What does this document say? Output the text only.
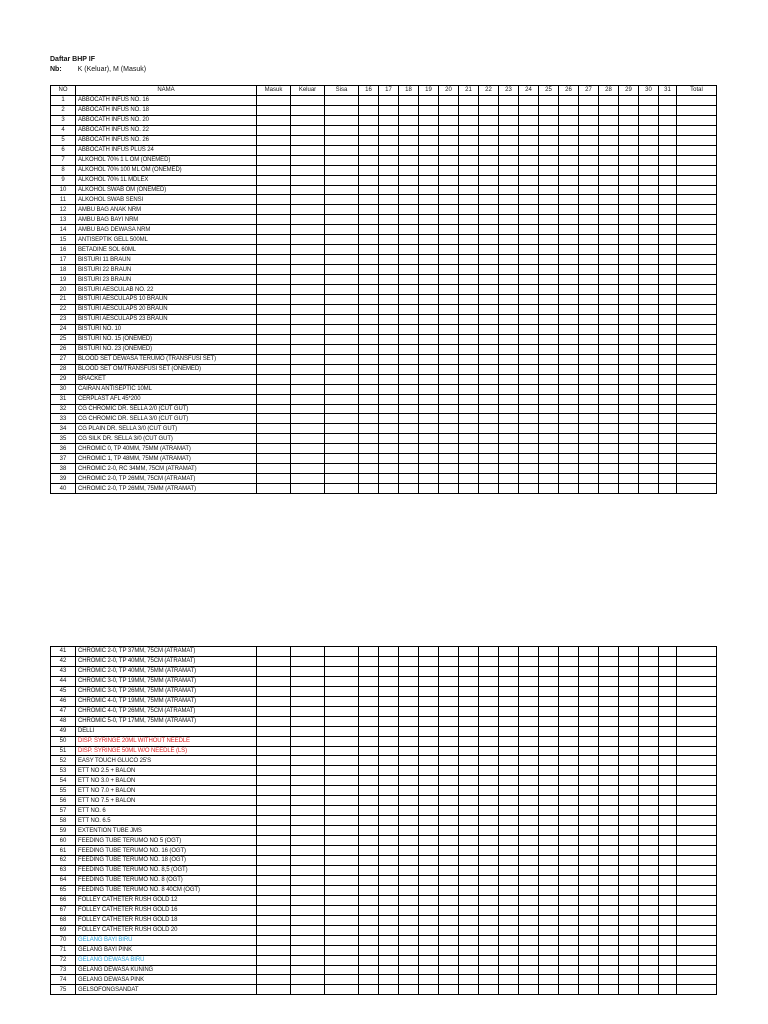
Daftar BHP IF
Nb: K (Keluar), M (Masuk)
NO	NAMA	Masuk	Keluar	Sisa	16	17	18	19	20	21	22	23	24	25	26	27	28	29	30	31	Total
1	ABBOCATH INFUS NO. 16																				
2	ABBOCATH INFUS NO. 18																				
3	ABBOCATH INFUS NO. 20																				
4	ABBOCATH INFUS NO. 22																				
5	ABBOCATH INFUS NO. 26																				
6	ABBOCATH INFUS PLUS 24																				
7	ALKOHOL 70% 1 L OM (ONEMED)																				
8	ALKOHOL 70% 100 ML OM (ONEMED)																				
9	ALKOHOL 70% 1L MDLEX																				
10	ALKOHOL SWAB OM (ONEMED)																				
11	ALKOHOL SWAB SENSI																				
12	AMBU BAG ANAK NRM																				
13	AMBU BAG BAYI NRM																				
14	AMBU BAG DEWASA NRM																				
15	ANTISEPTIK GELL 500ML																				
16	BETADINE SOL 60ML																				
17	BISTURI 11 BRAUN																				
18	BISTURI 22 BRAUN																				
19	BISTURI 23 BRAUN																				
20	BISTURI AESCULAB NO. 22																				
21	BISTURI AESCULAPS 10 BRAUN																				
22	BISTURI AESCULAPS 20 BRAUN																				
23	BISTURI AESCULAPS 23 BRAUN																				
24	BISTURI NO. 10																				
25	BISTURI NO. 15 (ONEMED)																				
26	BISTURI NO. 23 (ONEMED)																				
27	BLOOD SET DEWASA TERUMO (TRANSFUSI SET)																				
28	BLOOD SET OM/TRANSFUSI SET (ONEMED)																				
29	BRACKET																				
30	CAIRAN ANTISEPTIC 10ML																				
31	CERPLAST AFL 45*200																				
32	CG CHROMIC DR. SELLA 2/0 (CUT GUT)																				
33	CG CHROMIC DR. SELLA 3/0 (CUT GUT)																				
34	CG PLAIN DR. SELLA 3/0 (CUT GUT)																				
35	CG SILK DR. SELLA 3/0 (CUT GUT)																				
36	CHROMIC 0, TP 40MM, 75MM (ATRAMAT)																				
37	CHROMIC 1, TP 48MM, 75MM (ATRAMAT)																				
38	CHROMIC 2-0, RC 34MM, 75CM (ATRAMAT)																				
39	CHROMIC 2-0, TP 26MM, 75CM (ATRAMAT)																				
40	CHROMIC 2-0, TP 26MM, 75MM (ATRAMAT)																				
41	CHROMIC 2-0, TP 37MM, 75CM (ATRAMAT)																				
42	CHROMIC 2-0, TP 40MM, 75CM (ATRAMAT)																				
43	CHROMIC 2-0, TP 40MM, 75MM (ATRAMAT)																				
44	CHROMIC 3-0, TP 19MM, 75MM (ATRAMAT)																				
45	CHROMIC 3-0, TP 26MM, 75MM (ATRAMAT)																				
46	CHROMIC 4-0, TP 19MM, 75MM (ATRAMAT)																				
47	CHROMIC 4-0, TP 26MM, 75CM (ATRAMAT)																				
48	CHROMIC 5-0, TP 17MM, 75MM (ATRAMAT)																				
49	DELLI																				
50	DISP. SYRINGE 20ML WITHOUT NEEDLE																				
51	DISP. SYRINGE 50ML W/O NEEDLE (LS)																				
52	EASY TOUCH GLUCO 25'S																				
53	ETT NO 2.5 + BALON																				
54	ETT NO 3.0 + BALON																				
55	ETT NO 7.0 + BALON																				
56	ETT NO 7.5 + BALON																				
57	ETT NO. 6																				
58	ETT NO. 6.5																				
59	EXTENTION TUBE JMS																				
60	FEEDING TUBE TERUMO NO 5 (OGT)																				
61	FEEDING TUBE TERUMO NO. 16 (OGT)																				
62	FEEDING TUBE TERUMO NO. 18 (OGT)																				
63	FEEDING TUBE TERUMO NO. 8,5 (OGT)																				
64	FEEDING TUBE TERUMO NO. 8 (OGT)																				
65	FEEDING TUBE TERUMO NO. 8 40CM (OGT)																				
66	FOLLEY CATHETER RUSH GOLD 12																				
67	FOLLEY CATHETER RUSH GOLD 16																				
68	FOLLEY CATHETER RUSH GOLD 18																				
69	FOLLEY CATHETER RUSH GOLD 20																				
70	GELANG BAYI BIRU																				
71	GELANG BAYI PINK																				
72	GELANG DEWASA BIRU																				
73	GELANG DEWASA KUNING																				
74	GELANG DEWASA PINK																				
75	GELSOFONGSANDAT																				
